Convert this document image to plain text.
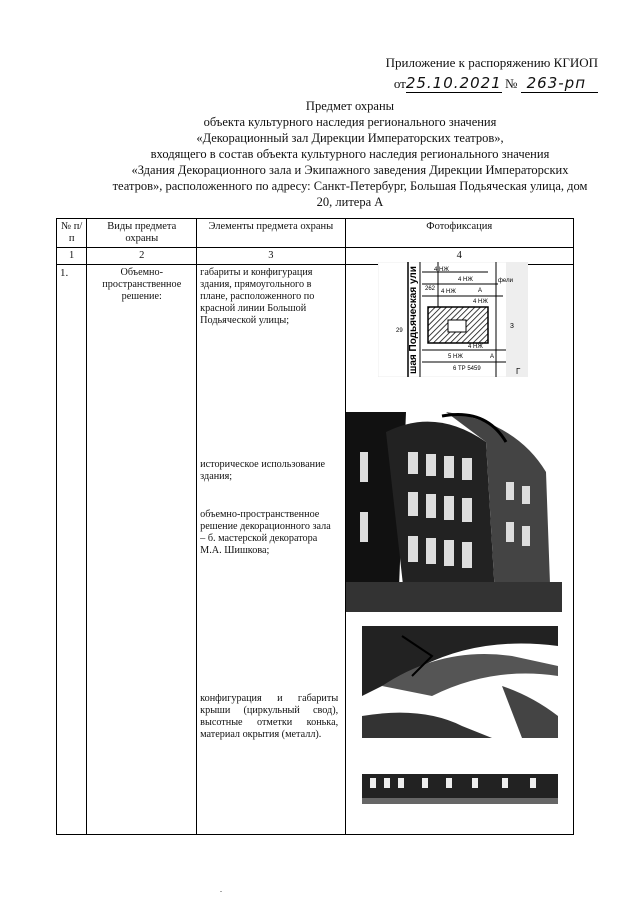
Приложение к распоряжению КГИОП
от25.10.2021 № 263-рп
Предмет охраны
объекта культурного наследия регионального значения
«Декорационный зал Дирекции Императорских театров»,
входящего в состав объекта культурного наследия регионального значения
«Здания Декорационного зала и Экипажного заведения Дирекции Императорских
театров», расположенного по адресу: Санкт-Петербург, Большая Подьяческая улица, дом
20, литера А
№ п/п	Виды предмета охраны	Элементы предмета охраны	Фотофиксация
1	2	3	4
1.	Объемно-пространственное решение:	габариты и конфигурация здания, прямоугольного в плане, расположенного по красной линии Большой Подьяческой улицы;
историческое использование здания;
объемно-пространственное решение декорационного зала – б. мастерской декоратора М.А. Шишкова;
конфигурация и габариты крыши (циркульный свод), высотные отметки конька, материал окрытия (металл).	

шая Подьяческая ули	4 НЖ
4 НЖ
4 НЖ
4 НЖ
4 НЖ
5 НЖ
6 ТР 5459
262
29
А
А
3
фели
Г
.
